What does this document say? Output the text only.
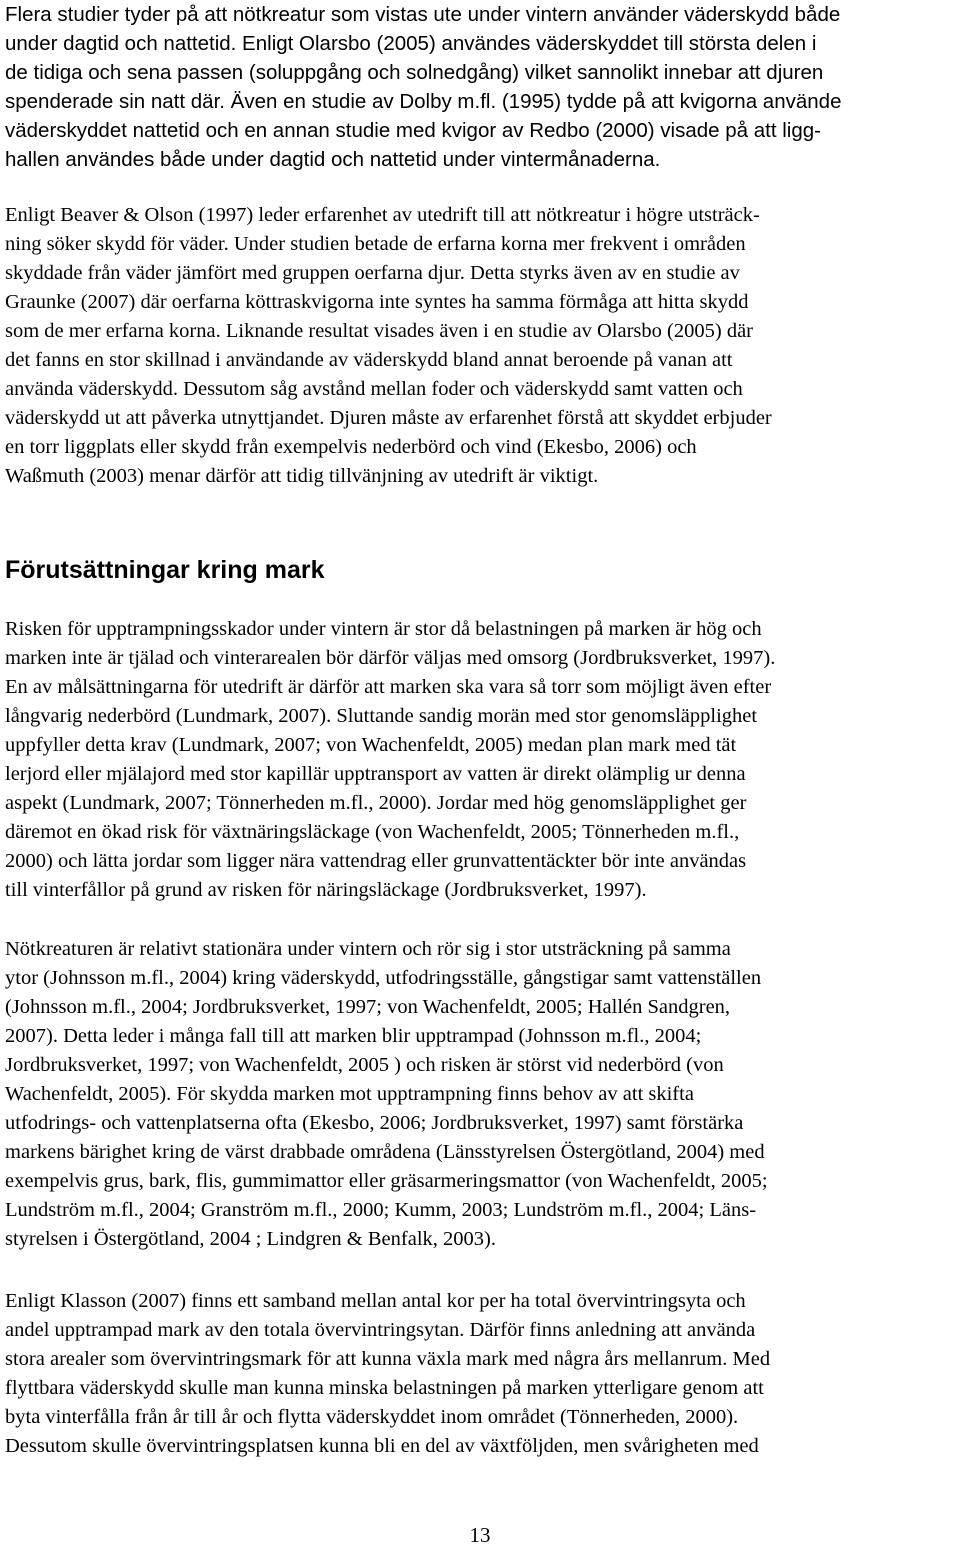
Flera studier tyder på att nötkreatur som vistas ute under vintern använder väderskydd både
under dagtid och nattetid. Enligt Olarsbo (2005) användes väderskyddet till största delen i
de tidiga och sena passen (soluppgång och solnedgång) vilket sannolikt innebar att djuren
spenderade sin natt där. Även en studie av Dolby m.fl. (1995) tydde på att kvigorna använde
väderskyddet nattetid och en annan studie med kvigor av Redbo (2000) visade på att ligg-
hallen användes både under dagtid och nattetid under vintermånaderna.
Enligt Beaver & Olson (1997) leder erfarenhet av utedrift till att nötkreatur i högre utsträck-
ning söker skydd för väder. Under studien betade de erfarna korna mer frekvent i områden
skyddade från väder jämfört med gruppen oerfarna djur. Detta styrks även av en studie av
Graunke (2007) där oerfarna köttraskvigorna inte syntes ha samma förmåga att hitta skydd
som de mer erfarna korna. Liknande resultat visades även i en studie av Olarsbo (2005) där
det fanns en stor skillnad i användande av väderskydd bland annat beroende på vanan att
använda väderskydd. Dessutom såg avstånd mellan foder och väderskydd samt vatten och
väderskydd ut att påverka utnyttjandet. Djuren måste av erfarenhet förstå att skyddet erbjuder
en torr liggplats eller skydd från exempelvis nederbörd och vind (Ekesbo, 2006) och
Waßmuth (2003) menar därför att tidig tillvänjning av utedrift är viktigt.
Förutsättningar kring mark
Risken för upptrampningsskador under vintern är stor då belastningen på marken är hög och
marken inte är tjälad och vinterarealen bör därför väljas med omsorg (Jordbruksverket, 1997).
En av målsättningarna för utedrift är därför att marken ska vara så torr som möjligt även efter
långvarig nederbörd (Lundmark, 2007). Sluttande sandig morän med stor genomsläpplighet
uppfyller detta krav (Lundmark, 2007; von Wachenfeldt, 2005) medan plan mark med tät
lerjord eller mjälajord med stor kapillär upptransport av vatten är direkt olämplig ur denna
aspekt (Lundmark, 2007; Tönnerheden m.fl., 2000). Jordar med hög genomsläpplighet ger
däremot en ökad risk för växtnäringsläckage (von Wachenfeldt, 2005; Tönnerheden m.fl.,
2000) och lätta jordar som ligger nära vattendrag eller grunvattentäckter bör inte användas
till vinterfållor på grund av risken för näringsläckage (Jordbruksverket, 1997).
Nötkreaturen är relativt stationära under vintern och rör sig i stor utsträckning på samma
ytor (Johnsson m.fl., 2004) kring väderskydd, utfodringsställe, gångstigar samt vattenställen
(Johnsson m.fl., 2004; Jordbruksverket, 1997; von Wachenfeldt, 2005; Hallén Sandgren,
2007). Detta leder i många fall till att marken blir upptrampad (Johnsson m.fl., 2004;
Jordbruksverket, 1997; von Wachenfeldt, 2005 ) och risken är störst vid nederbörd (von
Wachenfeldt, 2005). För skydda marken mot upptrampning finns behov av att skifta
utfodrings- och vattenplatserna ofta (Ekesbo, 2006; Jordbruksverket, 1997) samt förstärka
markens bärighet kring de värst drabbade områdena (Länsstyrelsen Östergötland, 2004) med
exempelvis grus, bark, flis, gummimattor eller gräsarmeringsmattor (von Wachenfeldt, 2005;
Lundström m.fl., 2004; Granström m.fl., 2000; Kumm, 2003; Lundström m.fl., 2004; Läns-
styrelsen i Östergötland, 2004 ; Lindgren & Benfalk, 2003).
Enligt Klasson (2007) finns ett samband mellan antal kor per ha total övervintringsyta och
andel upptrampad mark av den totala övervintringsytan. Därför finns anledning att använda
stora arealer som övervintringsmark för att kunna växla mark med några års mellanrum. Med
flyttbara väderskydd skulle man kunna minska belastningen på marken ytterligare genom att
byta vinterfålla från år till år och flytta väderskyddet inom området (Tönnerheden, 2000).
Dessutom skulle övervintringsplatsen kunna bli en del av växtföljden, men svårigheten med
13
